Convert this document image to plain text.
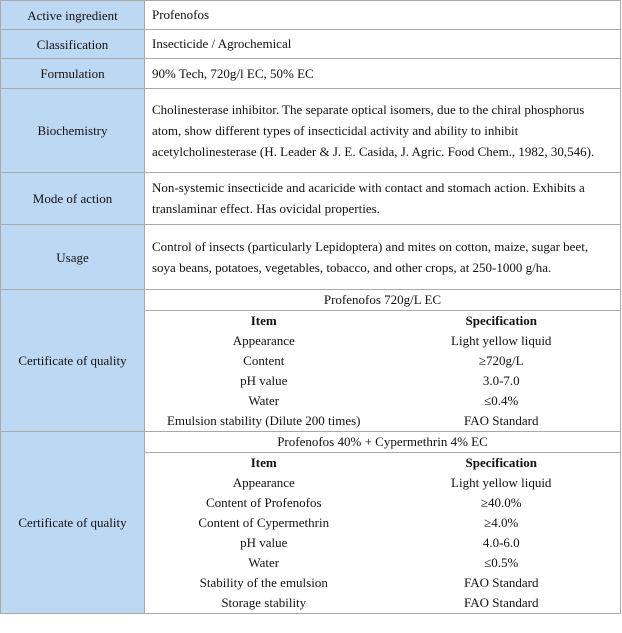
Active ingredient	Profenofos
Classification	Insecticide / Agrochemical
Formulation	90% Tech, 720g/l EC, 50% EC
Biochemistry	Cholinesterase inhibitor. The separate optical isomers, due to the chiral phosphorus atom, show different types of insecticidal activity and ability to inhibit acetylcholinesterase (H. Leader & J. E. Casida, J. Agric. Food Chem., 1982, 30,546).
Mode of action	Non-systemic insecticide and acaricide with contact and stomach action. Exhibits a translaminar effect. Has ovicidal properties.
Usage	Control of insects (particularly Lepidoptera) and mites on cotton, maize, sugar beet, soya beans, potatoes, vegetables, tobacco, and other crops, at 250-1000 g/ha.
Certificate of quality	
Profenofos 720g/L EC
Item	Specification
Appearance	Light yellow liquid
Content	≥720g/L
pH value	3.0-7.0
Water	≤0.4%
Emulsion stability (Dilute 200 times)	FAO Standard

Certificate of quality	
Profenofos 40% + Cypermethrin 4% EC
Item	Specification
Appearance	Light yellow liquid
Content of Profenofos	≥40.0%
Content of Cypermethrin	≥4.0%
pH value	4.0-6.0
Water	≤0.5%
Stability of the emulsion	FAO Standard
Storage stability	FAO Standard
